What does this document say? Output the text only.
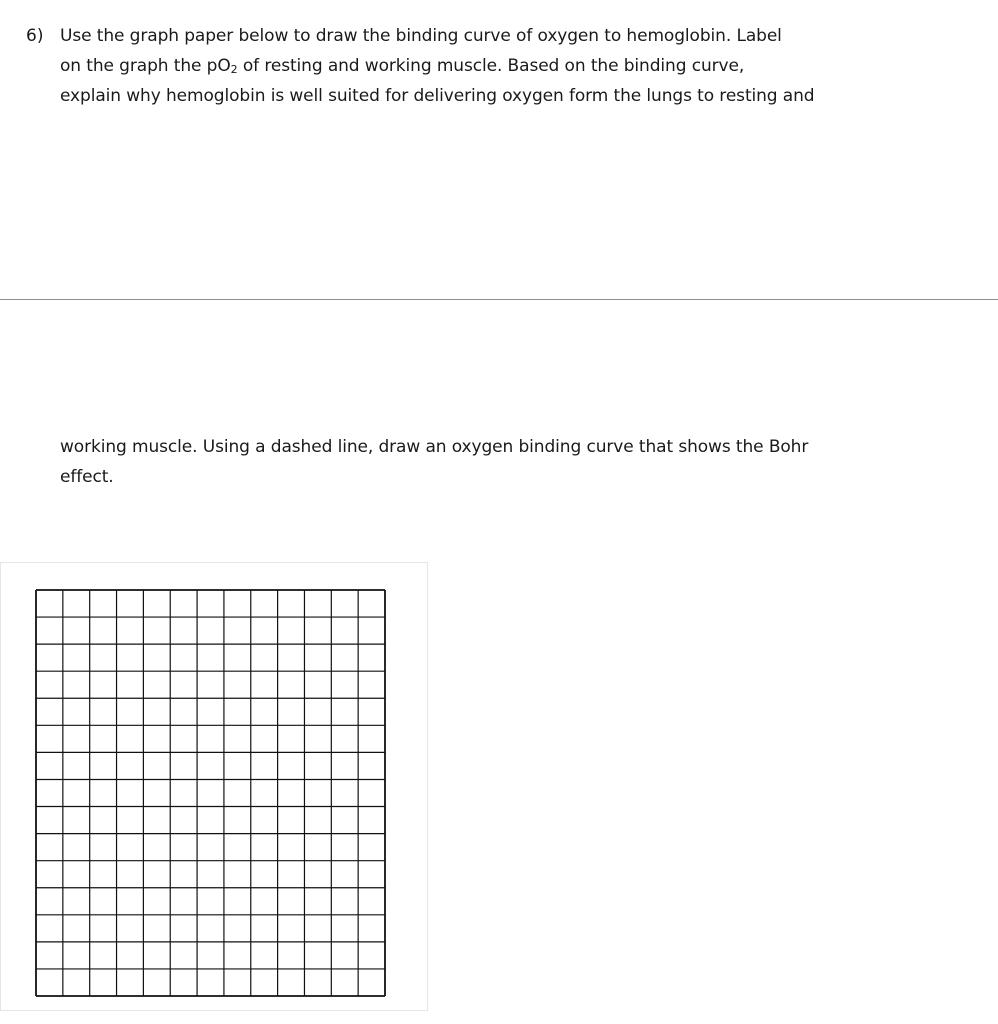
6) Use the graph paper below to draw the binding curve of oxygen to hemoglobin. Label
on the graph the $pO_2$ of resting and working muscle. Based on the binding curve,
explain why hemoglobin is well suited for delivering oxygen form the lungs to resting and
working muscle. Using a dashed line, draw an oxygen binding curve that shows the Bohr
effect.
